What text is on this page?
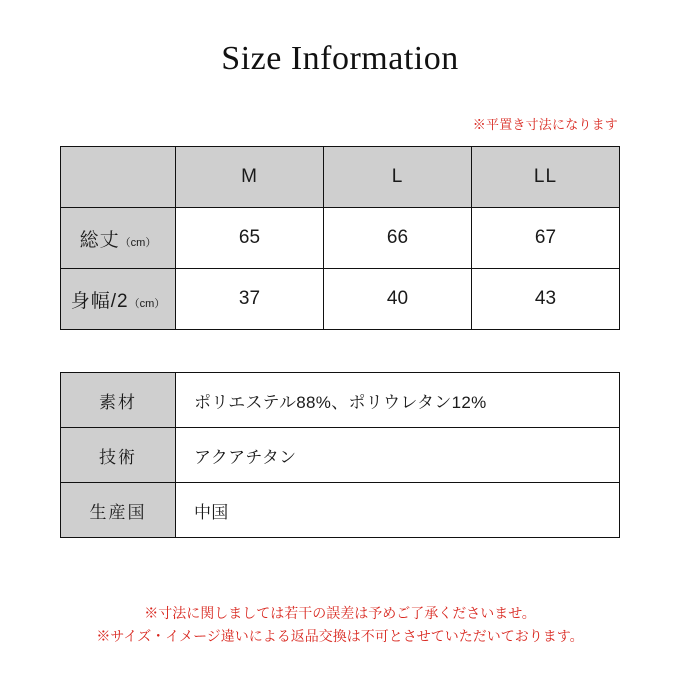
Size Information
※平置き寸法になります
	M	L	LL
総丈（cm）	65	66	67
身幅/2（cm）	37	40	43
素材	ポリエステル88%、ポリウレタン12%
技術	アクアチタン
生産国	中国
※寸法に関しましては若干の誤差は予めご了承くださいませ。
※サイズ・イメージ違いによる返品交換は不可とさせていただいております。
